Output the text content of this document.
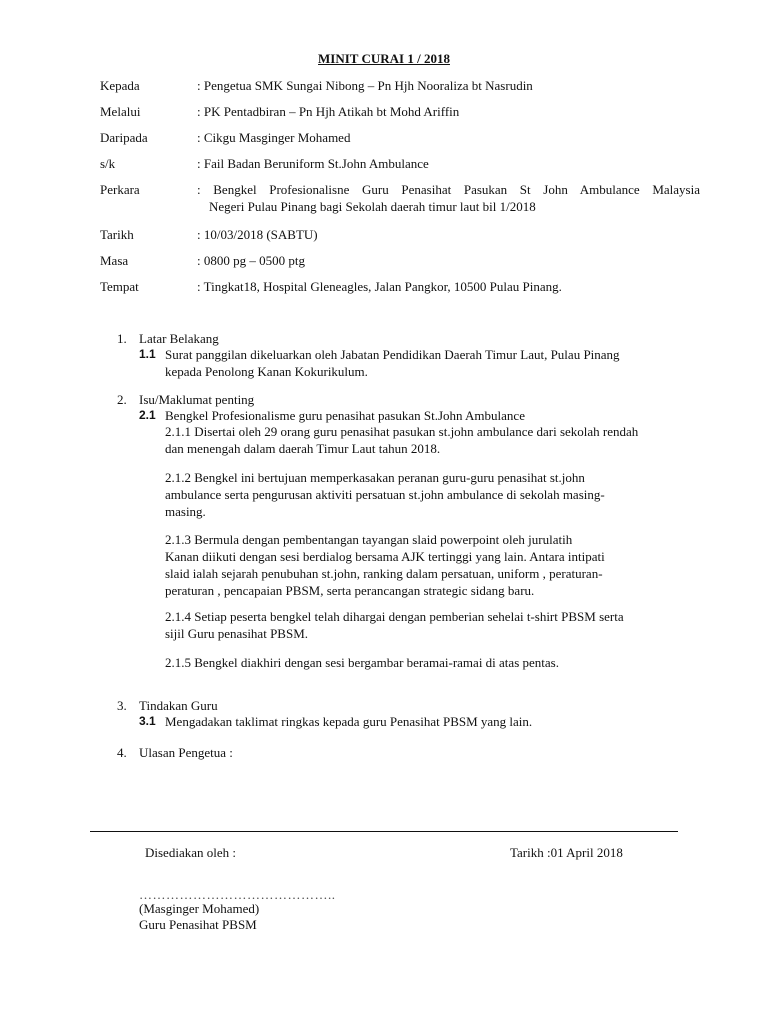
MINIT CURAI 1 / 2018
Kepada	: Pengetua SMK Sungai Nibong – Pn Hjh Nooraliza bt Nasrudin
Melalui	: PK Pentadbiran – Pn Hjh Atikah bt Mohd Ariffin
Daripada	: Cikgu Masginger Mohamed
s/k	: Fail Badan Beruniform St.John Ambulance
Perkara	: Bengkel Profesionalisne Guru Penasihat Pasukan St John Ambulance Malaysia
Negeri Pulau Pinang bagi Sekolah daerah timur laut bil 1/2018
Tarikh	: 10/03/2018 (SABTU)
Masa	: 0800 pg – 0500 ptg
Tempat	: Tingkat18, Hospital Gleneagles, Jalan Pangkor, 10500 Pulau Pinang.
1. Latar Belakang
1.1 Surat panggilan dikeluarkan oleh Jabatan Pendidikan Daerah Timur Laut, Pulau Pinang
kepada Penolong Kanan Kokurikulum.
2. Isu/Maklumat penting
2.1 Bengkel Profesionalisme guru penasihat pasukan St.John Ambulance
2.1.1 Disertai oleh 29 orang guru penasihat pasukan st.john ambulance dari sekolah rendah
dan menengah dalam daerah Timur Laut tahun 2018.
2.1.2 Bengkel ini bertujuan memperkasakan peranan guru-guru penasihat st.john
ambulance serta pengurusan aktiviti persatuan st.john ambulance di sekolah masing-
masing.
2.1.3 Bermula dengan pembentangan tayangan slaid powerpoint oleh jurulatih
Kanan diikuti dengan sesi berdialog bersama AJK tertinggi yang lain. Antara intipati
slaid ialah sejarah penubuhan st.john, ranking dalam persatuan, uniform , peraturan-
peraturan , pencapaian PBSM, serta perancangan strategic sidang baru.
2.1.4 Setiap peserta bengkel telah dihargai dengan pemberian sehelai t-shirt PBSM serta
sijil Guru penasihat PBSM.
2.1.5 Bengkel diakhiri dengan sesi bergambar beramai-ramai di atas pentas.
3. Tindakan Guru
3.1 Mengadakan taklimat ringkas kepada guru Penasihat PBSM yang lain.
4. Ulasan Pengetua :
Disediakan oleh :	Tarikh :01 April 2018
……………………………………..
(Masginger Mohamed)
Guru Penasihat PBSM
